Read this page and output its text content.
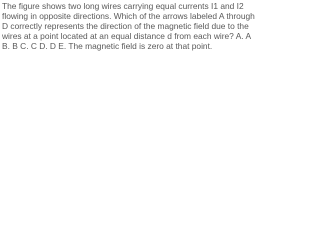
The figure shows two long wires carrying equal currents I1 and I2 flowing in opposite directions. Which of the arrows labeled A through D correctly represents the direction of the magnetic field due to the wires at a point located at an equal distance d from each wire? A. A B. B C. C D. D E. The magnetic field is zero at that point.
